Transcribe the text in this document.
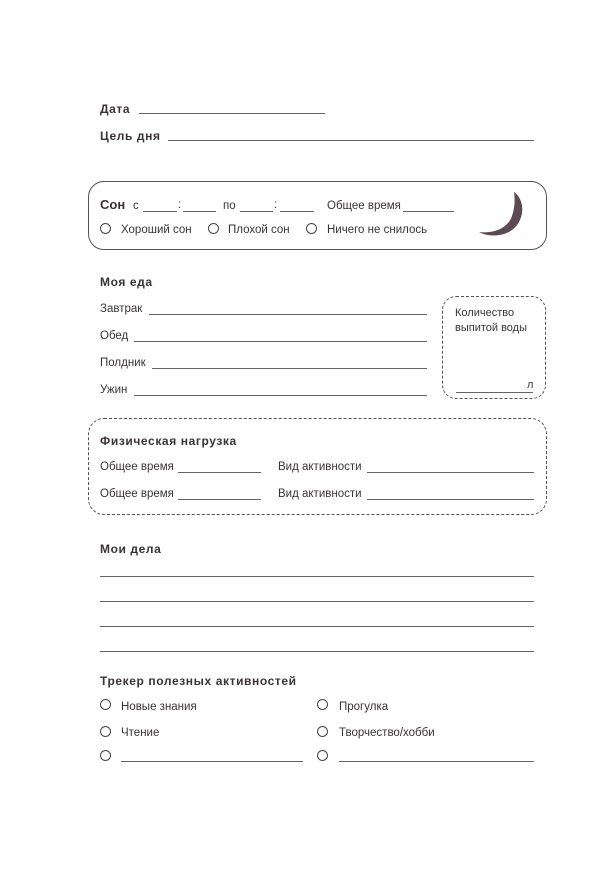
Дата
Цель дня
Сон с	:	по	:	Общее время
Хороший сон	Плохой сон	Ничего не снилось
Моя еда
Завтрак
Обед
Полдник
Ужин
Количество выпитой воды
л
Физическая нагрузка
Общее время	Вид активности
Общее время	Вид активности
Мои дела
Трекер полезных активностей
Новые знания	Прогулка
Чтение	Творчество/хобби
